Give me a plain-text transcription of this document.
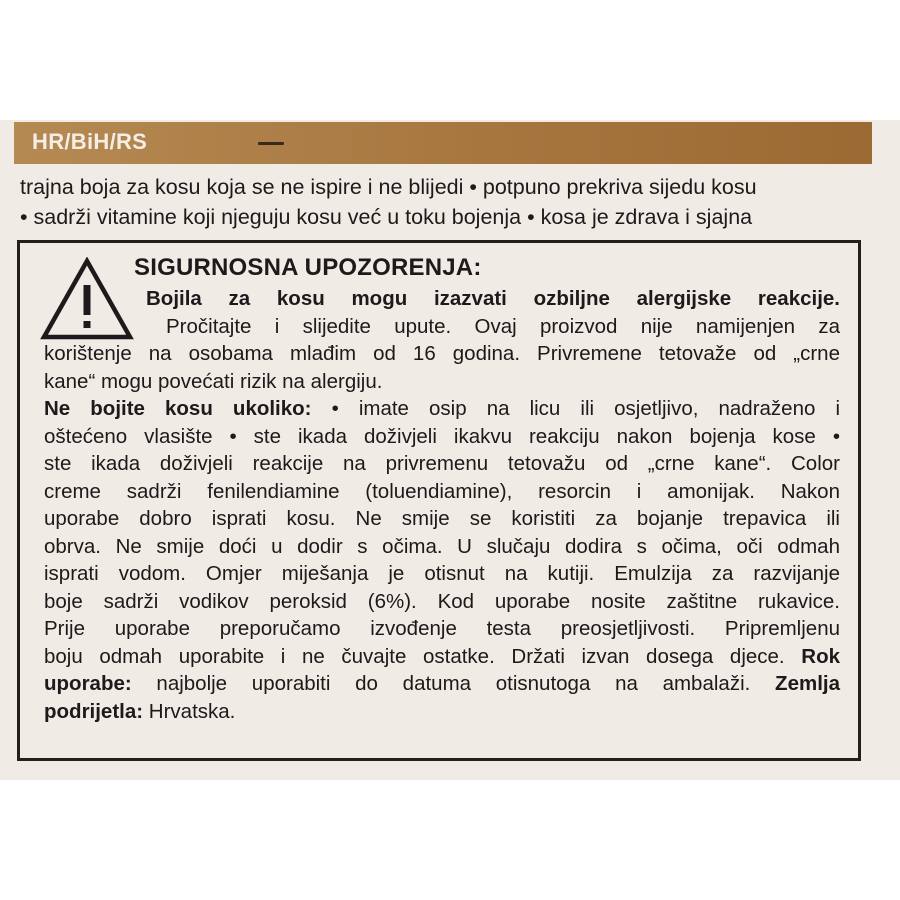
HR/BiH/RS
trajna boja za kosu koja se ne ispire i ne blijedi • potpuno prekriva sijedu kosu
• sadrži vitamine koji njeguju kosu već u toku bojenja • kosa je zdrava i sjajna
SIGURNOSNA UPOZORENJA:
Bojila za kosu mogu izazvati ozbiljne alergijske reakcije.
Pročitajte i slijedite upute. Ovaj proizvod nije namijenjen za
korištenje na osobama mlađim od 16 godina. Privremene tetovaže od „crne
kane“ mogu povećati rizik na alergiju.
Ne bojite kosu ukoliko: • imate osip na licu ili osjetljivo, nadraženo i
oštećeno vlasište • ste ikada doživjeli ikakvu reakciju nakon bojenja kose •
ste ikada doživjeli reakcije na privremenu tetovažu od „crne kane“. Color
creme sadrži fenilendiamine (toluendiamine), resorcin i amonijak. Nakon
uporabe dobro isprati kosu. Ne smije se koristiti za bojanje trepavica ili
obrva. Ne smije doći u dodir s očima. U slučaju dodira s očima, oči odmah
isprati vodom. Omjer miješanja je otisnut na kutiji. Emulzija za razvijanje
boje sadrži vodikov peroksid (6%). Kod uporabe nosite zaštitne rukavice.
Prije uporabe preporučamo izvođenje testa preosjetljivosti. Pripremljenu
boju odmah uporabite i ne čuvajte ostatke. Držati izvan dosega djece. Rok
uporabe: najbolje uporabiti do datuma otisnutoga na ambalaži. Zemlja
podrijetla: Hrvatska.
